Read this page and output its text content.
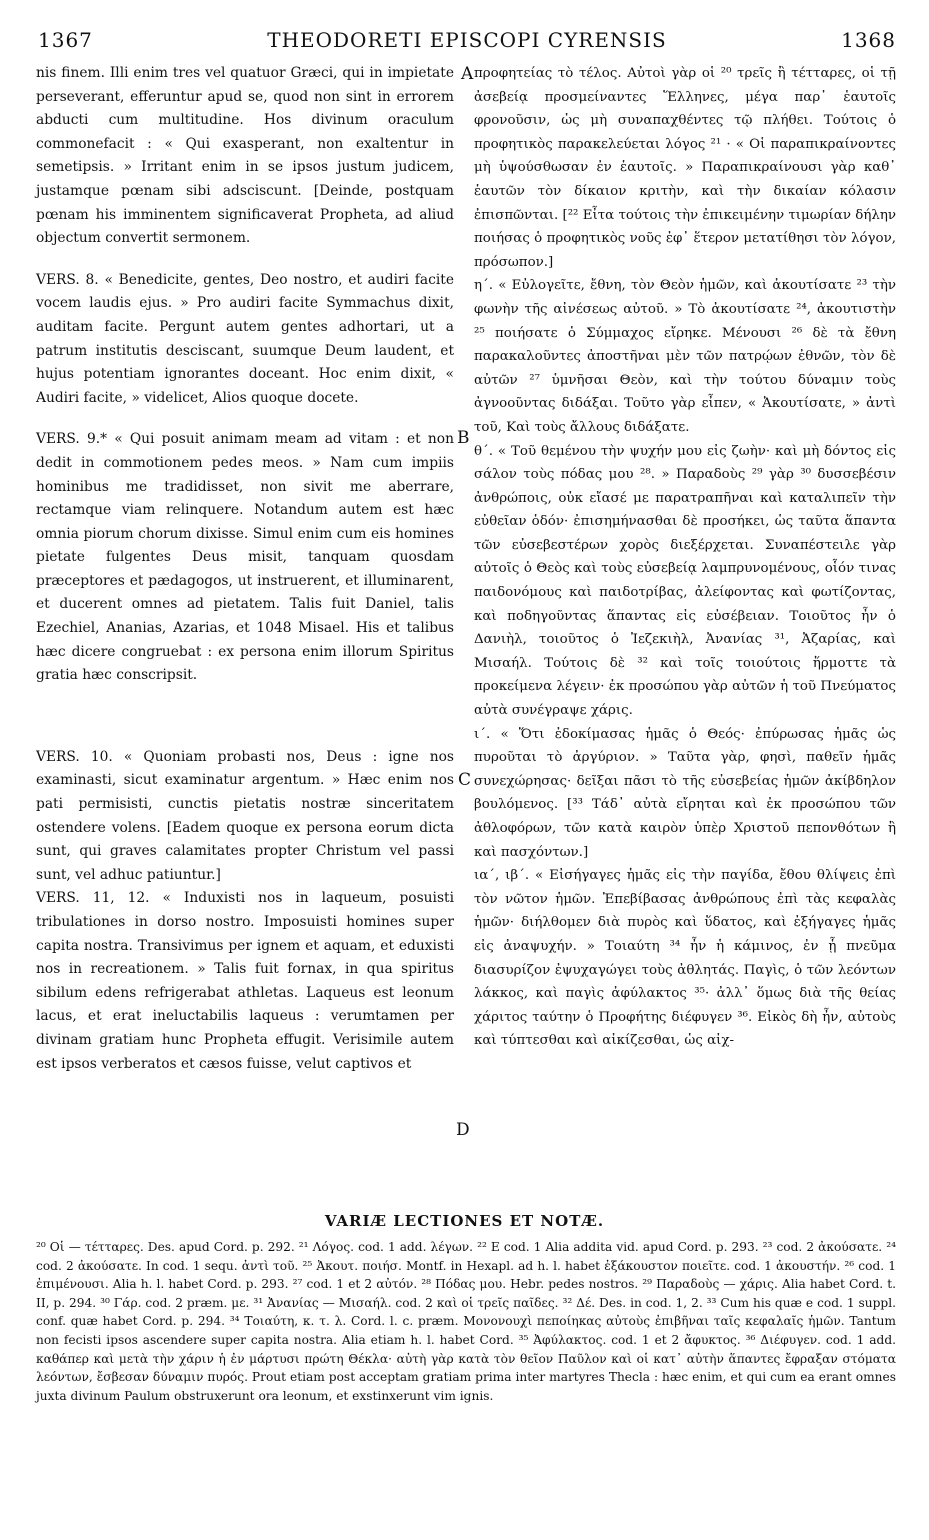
1367	THEODORETI EPISCOPI CYRENSIS	1368

nis finem. Illi enim tres vel quatuor Græci, qui in impietate perseverant, efferuntur apud se, quod non sint in errorem abducti cum multitudine. Hos divinum oraculum commonefacit : « Qui exasperant, non exaltentur in semetipsis. » Irritant enim in se ipsos justum judicem, justamque pœnam sibi adsciscunt. [Deinde, postquam pœnam his imminentem significaverat Propheta, ad aliud objectum convertit sermonem.

VERS. 8. « Benedicite, gentes, Deo nostro, et audiri facite vocem laudis ejus. » Pro audiri facite Symmachus dixit, auditam facite. Pergunt autem gentes adhortari, ut a patrum institutis desciscant, suumque Deum laudent, et hujus potentiam ignorantes doceant. Hoc enim dixit, « Audiri facite, » videlicet, Alios quoque docete.

VERS. 9.* « Qui posuit animam meam ad vitam : et non dedit in commotionem pedes meos. » Nam cum impiis hominibus me tradidisset, non sivit me aberrare, rectamque viam relinquere. Notandum autem est hæc omnia piorum chorum dixisse. Simul enim cum eis homines pietate fulgentes Deus misit, tanquam quosdam præceptores et pædagogos, ut instruerent, et illuminarent, et ducerent omnes ad pietatem. Talis fuit Daniel, talis Ezechiel, Ananias, Azarias, et 1048 Misael. His et talibus hæc dicere congruebat : ex persona enim illorum Spiritus gratia hæc conscripsit.

VERS. 10. « Quoniam probasti nos, Deus : igne nos examinasti, sicut examinatur argentum. » Hæc enim nos pati permisisti, cunctis pietatis nostræ sinceritatem ostendere volens. [Eadem quoque ex persona eorum dicta sunt, qui graves calamitates propter Christum vel passi sunt, vel adhuc patiuntur.]

VERS. 11, 12. « Induxisti nos in laqueum, posuisti tribulationes in dorso nostro. Imposuisti homines super capita nostra. Transivimus per ignem et aquam, et eduxisti nos in recreationem. » Talis fuit fornax, in qua spiritus sibilum edens refrigerabat athletas. Laqueus est leonum lacus, et erat ineluctabilis laqueus : verumtamen per divinam gratiam hunc Propheta effugit. Verisimile autem est ipsos verberatos et cæsos fuisse, velut captivos et

A
B
C
D

προφητείας τὸ τέλος. Αὐτοὶ γὰρ οἱ ²⁰ τρεῖς ἢ τέτταρες, οἱ τῇ ἀσεβείᾳ προσμείναντες Ἕλληνες, μέγα παρ᾽ ἑαυτοῖς φρονοῦσιν, ὡς μὴ συναπαχθέντες τῷ πλήθει. Τούτοις ὁ προφητικὸς παρακελεύεται λόγος ²¹ · « Οἱ παραπικραίνοντες μὴ ὑψούσθωσαν ἐν ἑαυτοῖς. » Παραπικραίνουσι γὰρ καθ᾽ ἑαυτῶν τὸν δίκαιον κριτὴν, καὶ τὴν δικαίαν κόλασιν ἐπισπῶνται. [²² Εἶτα τούτοις τὴν ἐπικειμένην τιμωρίαν δήλην ποιήσας ὁ προφητικὸς νοῦς ἐφ᾽ ἕτερον μετατίθησι τὸν λόγον, πρόσωπον.]

η΄. « Εὐλογεῖτε, ἔθνη, τὸν Θεὸν ἡμῶν, καὶ ἀκουτίσατε ²³ τὴν φωνὴν τῆς αἰνέσεως αὐτοῦ. » Τὸ ἀκουτίσατε ²⁴, ἀκουτιστὴν ²⁵ ποιήσατε ὁ Σύμμαχος εἴρηκε. Μένουσι ²⁶ δὲ τὰ ἔθνη παρακαλοῦντες ἀποστῆναι μὲν τῶν πατρῴων ἐθνῶν, τὸν δὲ αὐτῶν ²⁷ ὑμνῆσαι Θεὸν, καὶ τὴν τούτου δύναμιν τοὺς ἀγνοοῦντας διδάξαι. Τοῦτο γὰρ εἶπεν, « Ἀκουτίσατε, » ἀντὶ τοῦ, Καὶ τοὺς ἄλλους διδάξατε.

θ΄. « Τοῦ θεμένου τὴν ψυχήν μου εἰς ζωὴν· καὶ μὴ δόντος εἰς σάλον τοὺς πόδας μου ²⁸. » Παραδοὺς ²⁹ γὰρ ³⁰ δυσσεβέσιν ἀνθρώποις, οὐκ εἴασέ με παρατραπῆναι καὶ καταλιπεῖν τὴν εὐθεῖαν ὁδόν· ἐπισημήνασθαι δὲ προσήκει, ὡς ταῦτα ἅπαντα τῶν εὐσεβεστέρων χορὸς διεξέρχεται. Συναπέστειλε γὰρ αὐτοῖς ὁ Θεὸς καὶ τοὺς εὐσεβείᾳ λαμπρυνομένους, οἷόν τινας παιδονόμους καὶ παιδοτρίβας, ἀλείφοντας καὶ φωτίζοντας, καὶ ποδηγοῦντας ἅπαντας εἰς εὐσέβειαν. Τοιοῦτος ἦν ὁ Δανιὴλ, τοιοῦτος ὁ Ἰεζεκιὴλ, Ἀνανίας ³¹, Ἀζαρίας, καὶ Μισαήλ. Τούτοις δὲ ³² καὶ τοῖς τοιούτοις ἥρμοττε τὰ προκείμενα λέγειν· ἐκ προσώπου γὰρ αὐτῶν ἡ τοῦ Πνεύματος αὐτὰ συνέγραψε χάρις.

ι΄. « Ὅτι ἐδοκίμασας ἡμᾶς ὁ Θεός· ἐπύρωσας ἡμᾶς ὡς πυροῦται τὸ ἀργύριον. » Ταῦτα γὰρ, φησὶ, παθεῖν ἡμᾶς συνεχώρησας· δεῖξαι πᾶσι τὸ τῆς εὐσεβείας ἡμῶν ἀκίβδηλον βουλόμενος. [³³ Τάδ᾽ αὐτὰ εἴρηται καὶ ἐκ προσώπου τῶν ἀθλοφόρων, τῶν κατὰ καιρὸν ὑπὲρ Χριστοῦ πεπονθότων ἢ καὶ πασχόντων.]

ια΄, ιβ΄. « Εἰσήγαγες ἡμᾶς εἰς τὴν παγίδα, ἔθου θλίψεις ἐπὶ τὸν νῶτον ἡμῶν. Ἐπεβίβασας ἀνθρώπους ἐπὶ τὰς κεφαλὰς ἡμῶν· διήλθομεν διὰ πυρὸς καὶ ὕδατος, καὶ ἐξήγαγες ἡμᾶς εἰς ἀναψυχήν. » Τοιαύτη ³⁴ ἦν ἡ κάμινος, ἐν ᾗ πνεῦμα διασυρίζον ἐψυχαγώγει τοὺς ἀθλητάς. Παγὶς, ὁ τῶν λεόντων λάκκος, καὶ παγὶς ἀφύλακτος ³⁵· ἀλλ᾽ ὅμως διὰ τῆς θείας χάριτος ταύτην ὁ Προφήτης διέφυγεν ³⁶. Εἰκὸς δὴ ἦν, αὐτοὺς καὶ τύπτεσθαι καὶ αἰκίζεσθαι, ὡς αἰχ-

VARIÆ LECTIONES ET NOTÆ.
²⁰ Οἱ — τέτταρες. Des. apud Cord. p. 292. ²¹ Λόγος. cod. 1 add. λέγων. ²² E cod. 1 Alia addita vid. apud Cord. p. 293. ²³ cod. 2 ἀκούσατε. ²⁴ cod. 2 ἀκούσατε. In cod. 1 sequ. ἀντὶ τοῦ. ²⁵ Ἀκουτ. ποιήσ. Montf. in Hexapl. ad h. l. habet ἐξάκουστον ποιεῖτε. cod. 1 ἀκουστήν. ²⁶ cod. 1 ἐπιμένουσι. Alia h. l. habet Cord. p. 293. ²⁷ cod. 1 et 2 αὐτόν. ²⁸ Πόδας μου. Hebr. pedes nostros. ²⁹ Παραδοὺς — χάρις. Alia habet Cord. t. II, p. 294. ³⁰ Γάρ. cod. 2 præm. με. ³¹ Ἀνανίας — Μισαήλ. cod. 2 καὶ οἱ τρεῖς παῖδες. ³² Δέ. Des. in cod. 1, 2. ³³ Cum his quæ e cod. 1 suppl. conf. quæ habet Cord. p. 294. ³⁴ Τοιαύτη, κ. τ. λ. Cord. l. c. præm. Μονονουχὶ πεποίηκας αὐτοὺς ἐπιβῆναι ταῖς κεφαλαῖς ἡμῶν. Tantum non fecisti ipsos ascendere super capita nostra. Alia etiam h. l. habet Cord. ³⁵ Ἀφύλακτος. cod. 1 et 2 ἄφυκτος. ³⁶ Διέφυγεν. cod. 1 add. καθάπερ καὶ μετὰ τὴν χάριν ἡ ἐν μάρτυσι πρώτη Θέκλα· αὐτὴ γὰρ κατὰ τὸν θεῖον Παῦλον καὶ οἱ κατ᾽ αὐτὴν ἅπαντες ἔφραξαν στόματα λεόντων, ἔσβεσαν δύναμιν πυρός. Prout etiam post acceptam gratiam prima inter martyres Thecla : hæc enim, et qui cum ea erant omnes juxta divinum Paulum obstruxerunt ora leonum, et exstinxerunt vim ignis.
